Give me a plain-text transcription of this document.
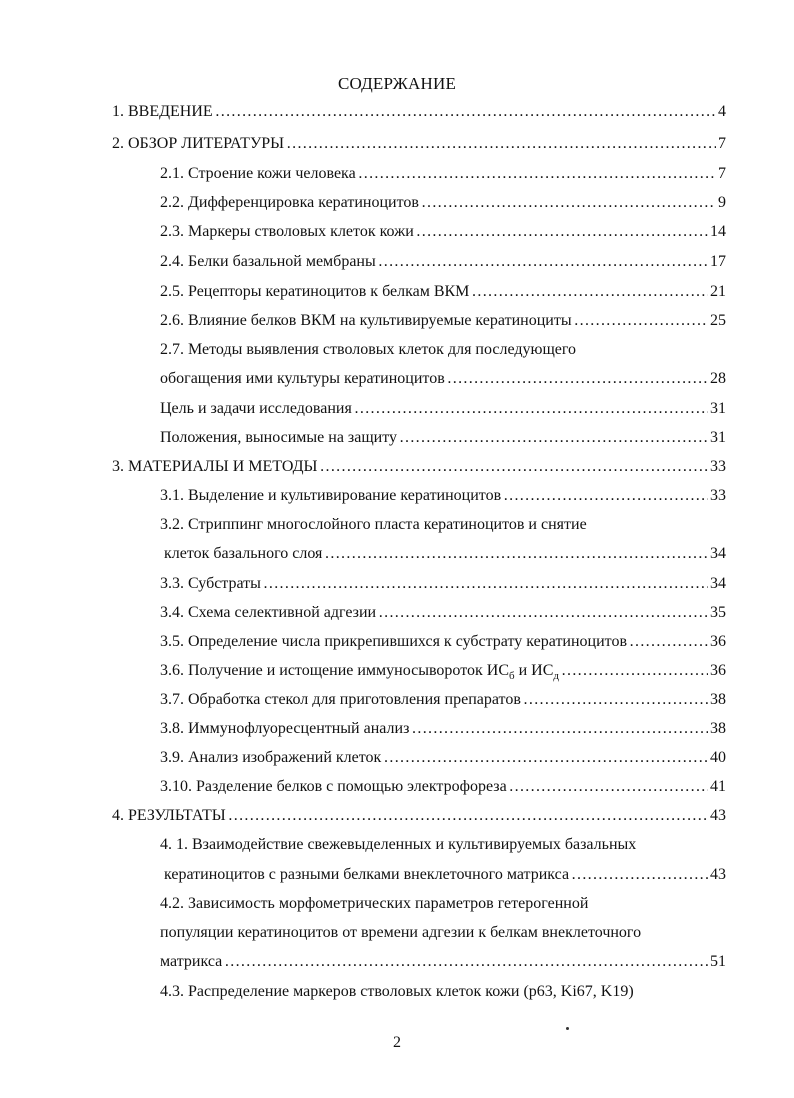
СОДЕРЖАНИЕ
1. ВВЕДЕНИЕ ……………………………………………………………………………………………………………………………………………………………………………………	4
2. ОБЗОР ЛИТЕРАТУРЫ ……………………………………………………………………………………………………………………………………………………………………………………	7
2.1. Строение кожи человека ……………………………………………………………………………………………………………………………………………………………………………………	7
2.2. Дифференцировка кератиноцитов ……………………………………………………………………………………………………………………………………………………………………………………	9
2.3. Маркеры стволовых клеток кожи ……………………………………………………………………………………………………………………………………………………………………………………	14
2.4. Белки базальной мембраны ……………………………………………………………………………………………………………………………………………………………………………………	17
2.5. Рецепторы кератиноцитов к белкам ВКМ ……………………………………………………………………………………………………………………………………………………………………………………	21
2.6. Влияние белков ВКМ на культивируемые кератиноциты ……………………………………………………………………………………………………………………………………………………………………………………	25
2.7. Методы выявления стволовых клеток для последующего
обогащения ими культуры кератиноцитов ……………………………………………………………………………………………………………………………………………………………………………………	28
Цель и задачи исследования ……………………………………………………………………………………………………………………………………………………………………………………	31
Положения, выносимые на защиту ……………………………………………………………………………………………………………………………………………………………………………………	31
3. МАТЕРИАЛЫ И МЕТОДЫ ……………………………………………………………………………………………………………………………………………………………………………………	33
3.1. Выделение и культивирование кератиноцитов ……………………………………………………………………………………………………………………………………………………………………………………	33
3.2. Стриппинг многослойного пласта кератиноцитов и снятие
клеток базального слоя ……………………………………………………………………………………………………………………………………………………………………………………	34
3.3. Субстраты ……………………………………………………………………………………………………………………………………………………………………………………	34
3.4. Схема селективной адгезии ……………………………………………………………………………………………………………………………………………………………………………………	35
3.5. Определение числа прикрепившихся к субстрату кератиноцитов ……………………………………………………………………………………………………………………………………………………………………………………	36
3.6. Получение и истощение иммуносывороток $ИС_б$ и $ИС_д$ ……………………………………………………………………………………………………………………………………………………………………………………	36
3.7. Обработка стекол для приготовления препаратов ……………………………………………………………………………………………………………………………………………………………………………………	38
3.8. Иммунофлуоресцентный анализ ……………………………………………………………………………………………………………………………………………………………………………………	38
3.9. Анализ изображений клеток ……………………………………………………………………………………………………………………………………………………………………………………	40
3.10. Разделение белков с помощью электрофореза ……………………………………………………………………………………………………………………………………………………………………………………	41
4. РЕЗУЛЬТАТЫ ……………………………………………………………………………………………………………………………………………………………………………………	43
4. 1. Взаимодействие свежевыделенных и культивируемых базальных
кератиноцитов с разными белками внеклеточного матрикса ……………………………………………………………………………………………………………………………………………………………………………………	43
4.2. Зависимость морфометрических параметров гетерогенной
популяции кератиноцитов от времени адгезии к белкам внеклеточного
матрикса ……………………………………………………………………………………………………………………………………………………………………………………	51
4.3. Распределение маркеров стволовых клеток кожи (p63, Ki67, K19)
2
